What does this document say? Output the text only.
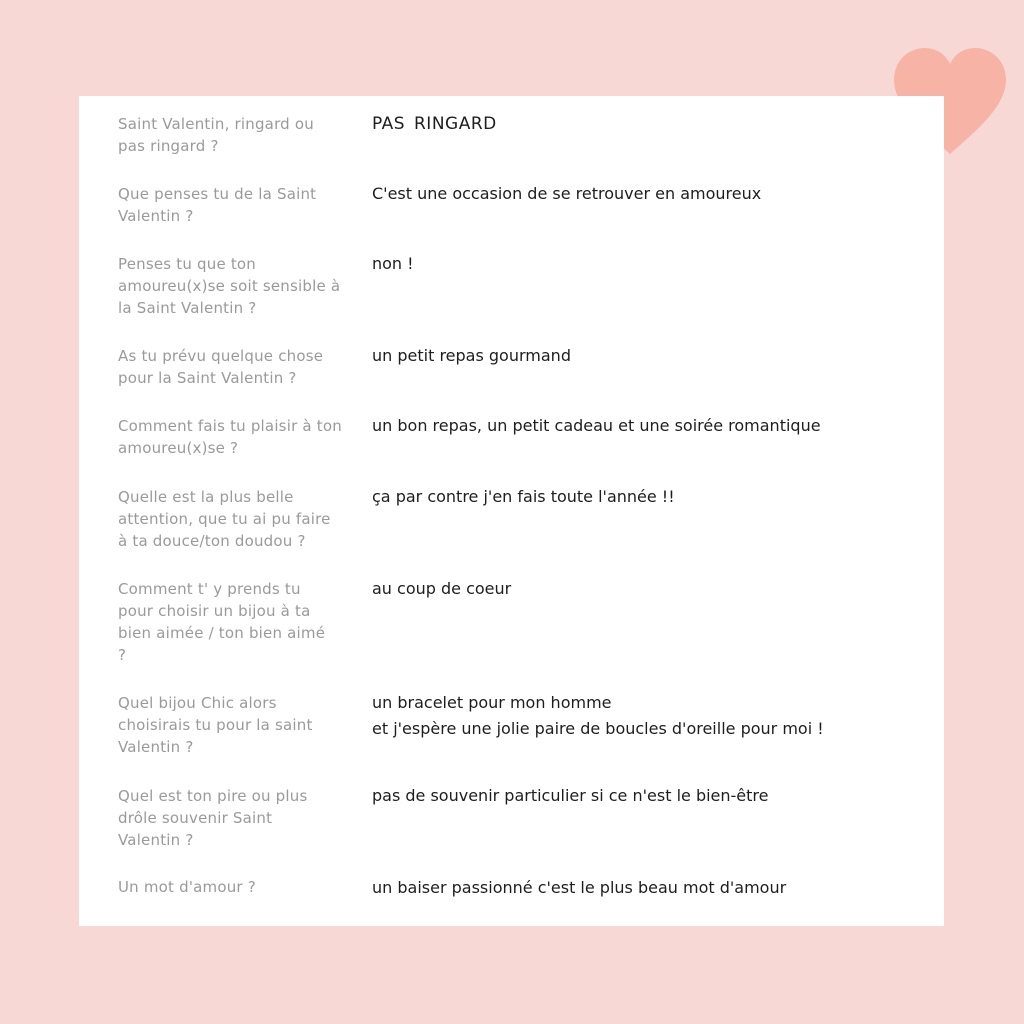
Saint Valentin, ringard ou
pas ringard ?
PAS RINGARD
Que penses tu de la Saint
Valentin ?
C'est une occasion de se retrouver en amoureux
Penses tu que ton
amoureu(x)se soit sensible à
la Saint Valentin ?
non !
As tu prévu quelque chose
pour la Saint Valentin ?
un petit repas gourmand
Comment fais tu plaisir à ton
amoureu(x)se ?
un bon repas, un petit cadeau et une soirée romantique
Quelle est la plus belle
attention, que tu ai pu faire
à ta douce/ton doudou ?
ça par contre j'en fais toute l'année !!
Comment t' y prends tu
pour choisir un bijou à ta
bien aimée / ton bien aimé
?
au coup de coeur
Quel bijou Chic alors
choisirais tu pour la saint
Valentin ?
un bracelet pour mon homme
et j'espère une jolie paire de boucles d'oreille pour moi !
Quel est ton pire ou plus
drôle souvenir Saint
Valentin ?
pas de souvenir particulier si ce n'est le bien-être
Un mot d'amour ?	un baiser passionné c'est le plus beau mot d'amour
